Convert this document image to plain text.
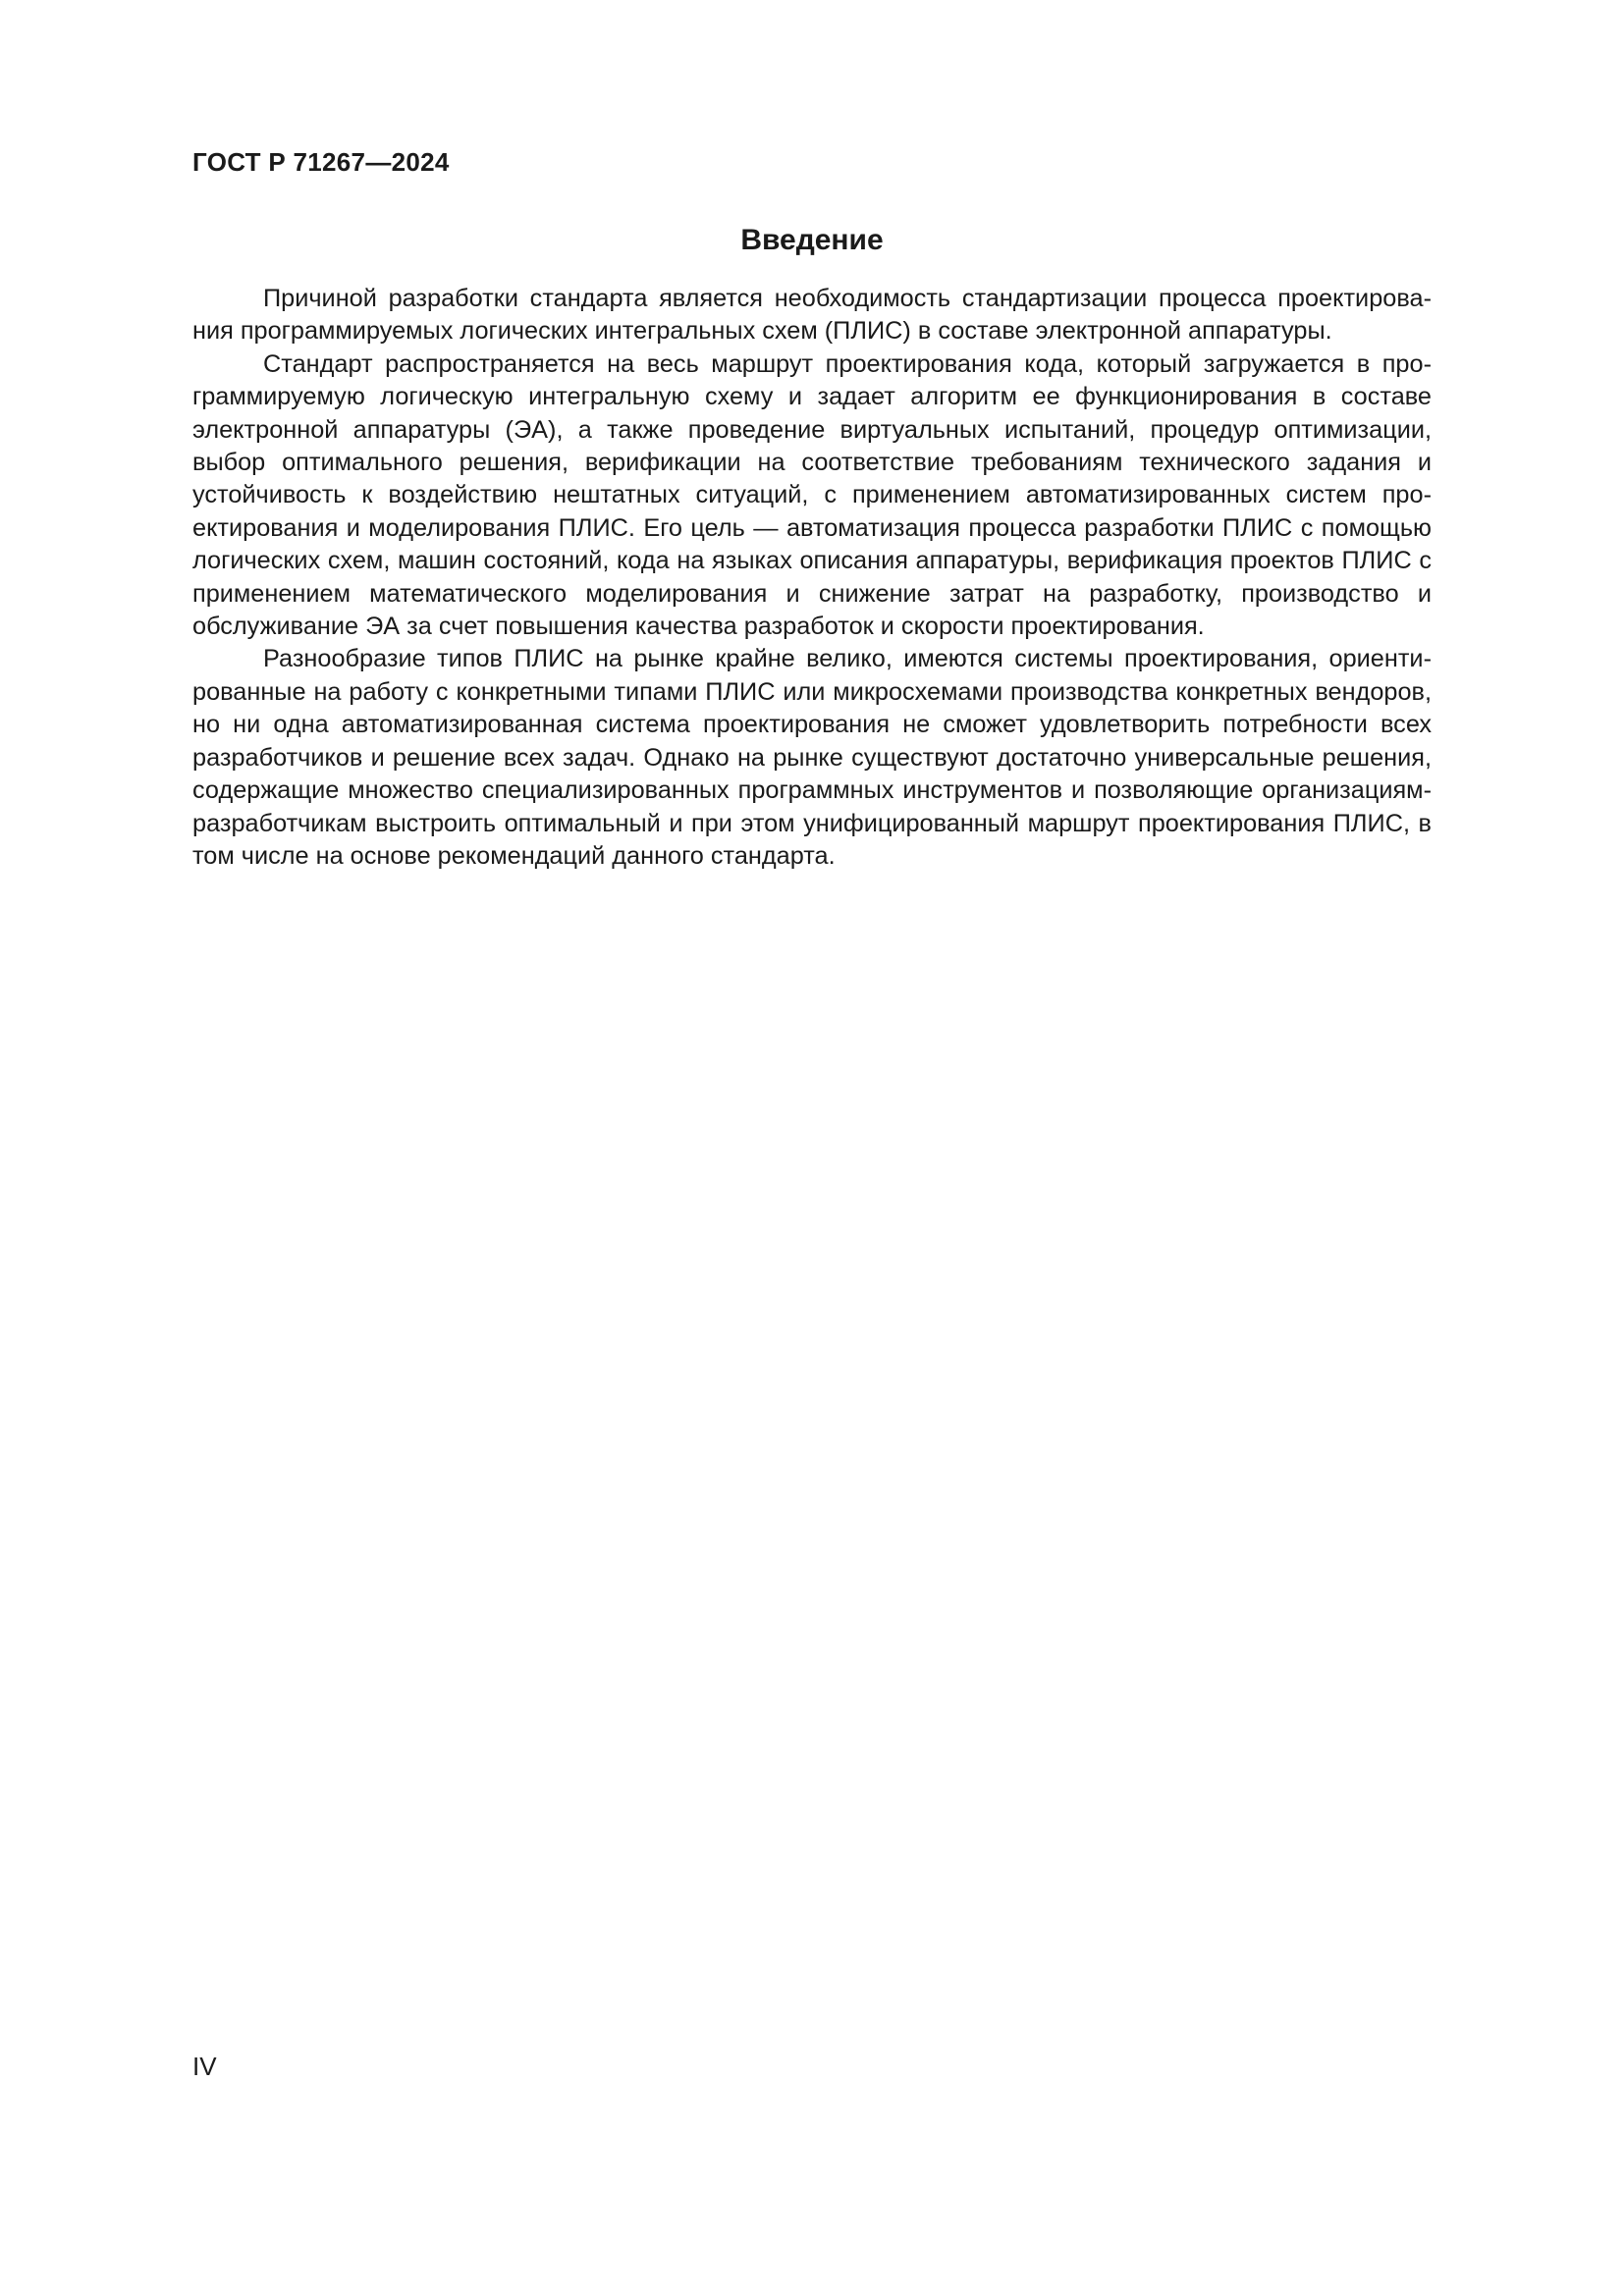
ГОСТ Р 71267—2024
Введение

Причиной разработки стандарта является необходимость стандартизации процесса проектирования программируемых логических интегральных схем (ПЛИС) в составе электронной аппаратуры.

Стандарт распространяется на весь маршрут проектирования кода, который загружается в программируемую логическую интегральную схему и задает алгоритм ее функционирования в составе электронной аппаратуры (ЭА), а также проведение виртуальных испытаний, процедур оптимизации, выбор оптимального решения, верификации на соответствие требованиям технического задания и устойчивость к воздействию нештатных ситуаций, с применением автоматизированных систем проектирования и моделирования ПЛИС. Его цель — автоматизация процесса разработки ПЛИС с помощью логических схем, машин состояний, кода на языках описания аппаратуры, верификация проектов ПЛИС с применением математического моделирования и снижение затрат на разработку, производство и обслуживание ЭА за счет повышения качества разработок и скорости проектирования.

Разнообразие типов ПЛИС на рынке крайне велико, имеются системы проектирования, ориентированные на работу с конкретными типами ПЛИС или микросхемами производства конкретных вендоров, но ни одна автоматизированная система проектирования не сможет удовлетворить потребности всех разработчиков и решение всех задач. Однако на рынке существуют достаточно универсальные решения, содержащие множество специализированных программных инструментов и позволяющие организациям-разработчикам выстроить оптимальный и при этом унифицированный маршрут проектирования ПЛИС, в том числе на основе рекомендаций данного стандарта.

IV
